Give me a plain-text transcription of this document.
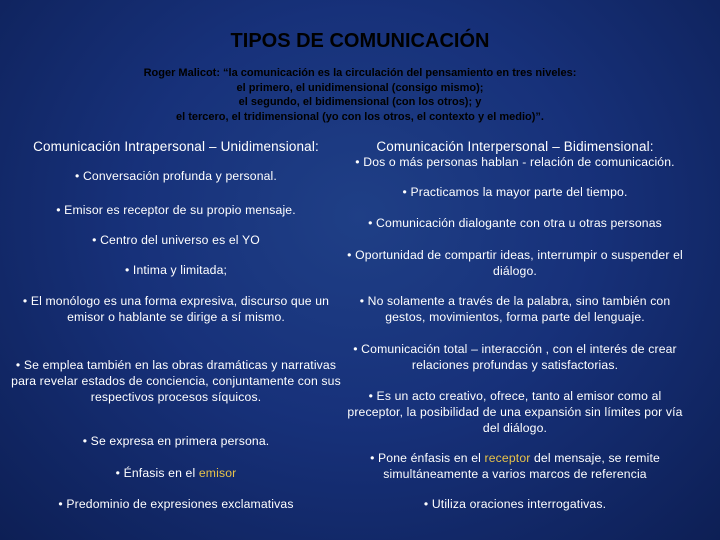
TIPOS DE COMUNICACIÓN
Roger Malicot: “la comunicación es la circulación del pensamiento en tres niveles:
el primero, el unidimensional (consigo mismo);
el segundo, el bidimensional (con los otros); y
el tercero, el tridimensional (yo con los otros, el contexto y el medio)”.
Comunicación Intrapersonal – Unidimensional:
• Conversación profunda y personal.
• Emisor es receptor de su propio mensaje.
• Centro del universo es el YO
• Intima y limitada;
• El monólogo es una forma expresiva, discurso que un emisor o hablante se dirige a sí mismo.
• Se emplea también en las obras dramáticas y narrativas para revelar estados de conciencia, conjuntamente con sus respectivos procesos síquicos.
• Se expresa en primera persona.
• Énfasis en el emisor
• Predominio de expresiones exclamativas
Comunicación Interpersonal – Bidimensional:
• Dos o más personas hablan - relación de comunicación.
• Practicamos la mayor parte del tiempo.
• Comunicación dialogante con otra u otras personas
• Oportunidad de compartir ideas, interrumpir o suspender el diálogo.
• No solamente a través de la palabra, sino también con gestos, movimientos, forma parte del lenguaje.
• Comunicación total – interacción , con el interés de crear relaciones profundas y satisfactorias.
• Es un acto creativo, ofrece, tanto al emisor como al preceptor, la posibilidad de una expansión sin límites por vía del diálogo.
• Pone énfasis en el receptor del mensaje, se remite simultáneamente a varios marcos de referencia
• Utiliza oraciones interrogativas.
